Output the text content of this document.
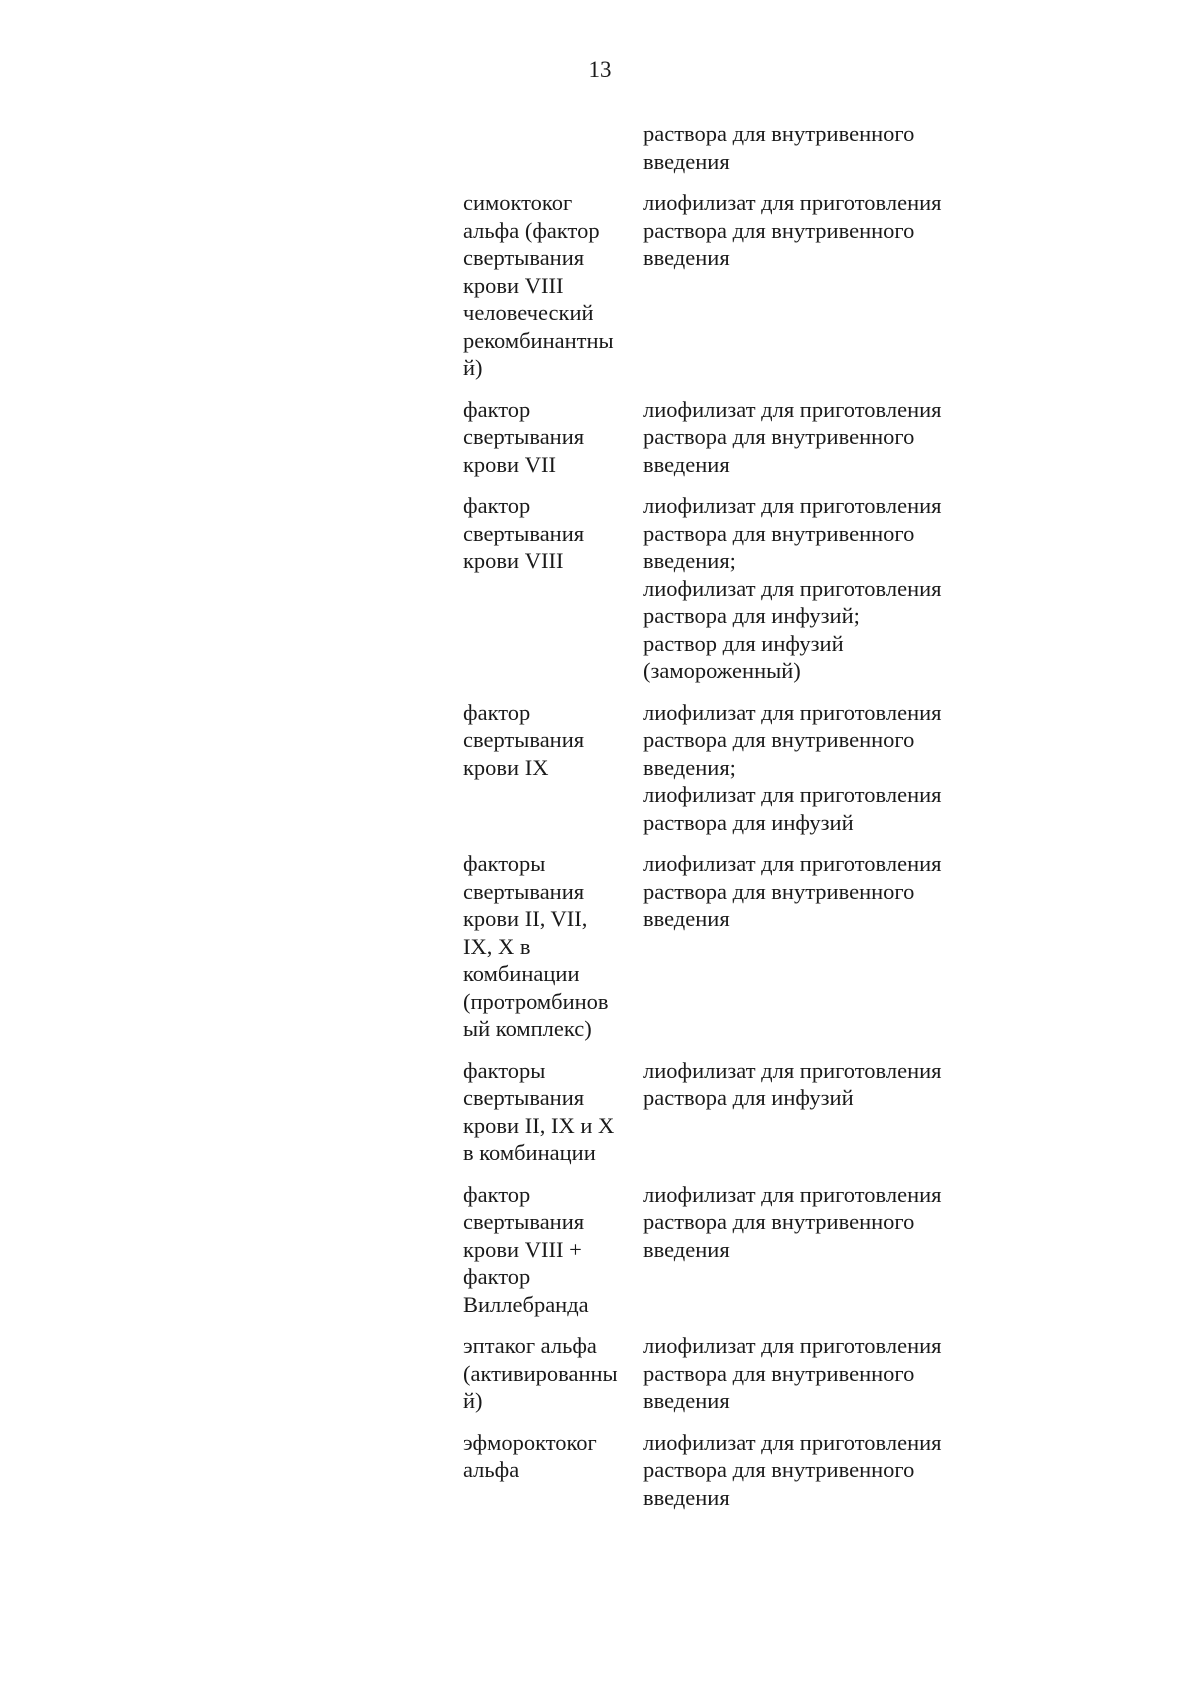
13
раствора для внутривенного
введения
симоктоког
альфа (фактор
свертывания
крови VIII
человеческий
рекомбинантны
й)
лиофилизат для приготовления
раствора для внутривенного
введения
фактор
свертывания
крови VII
лиофилизат для приготовления
раствора для внутривенного
введения
фактор
свертывания
крови VIII
лиофилизат для приготовления
раствора для внутривенного
введения;
лиофилизат для приготовления
раствора для инфузий;
раствор для инфузий
(замороженный)
фактор
свертывания
крови IX
лиофилизат для приготовления
раствора для внутривенного
введения;
лиофилизат для приготовления
раствора для инфузий
факторы
свертывания
крови II, VII,
IX, X в
комбинации
(протромбинов
ый комплекс)
лиофилизат для приготовления
раствора для внутривенного
введения
факторы
свертывания
крови II, IX и X
в комбинации
лиофилизат для приготовления
раствора для инфузий
фактор
свертывания
крови VIII +
фактор
Виллебранда
лиофилизат для приготовления
раствора для внутривенного
введения
эптаког альфа
(активированны
й)
лиофилизат для приготовления
раствора для внутривенного
введения
эфмороктоког
альфа
лиофилизат для приготовления
раствора для внутривенного
введения
